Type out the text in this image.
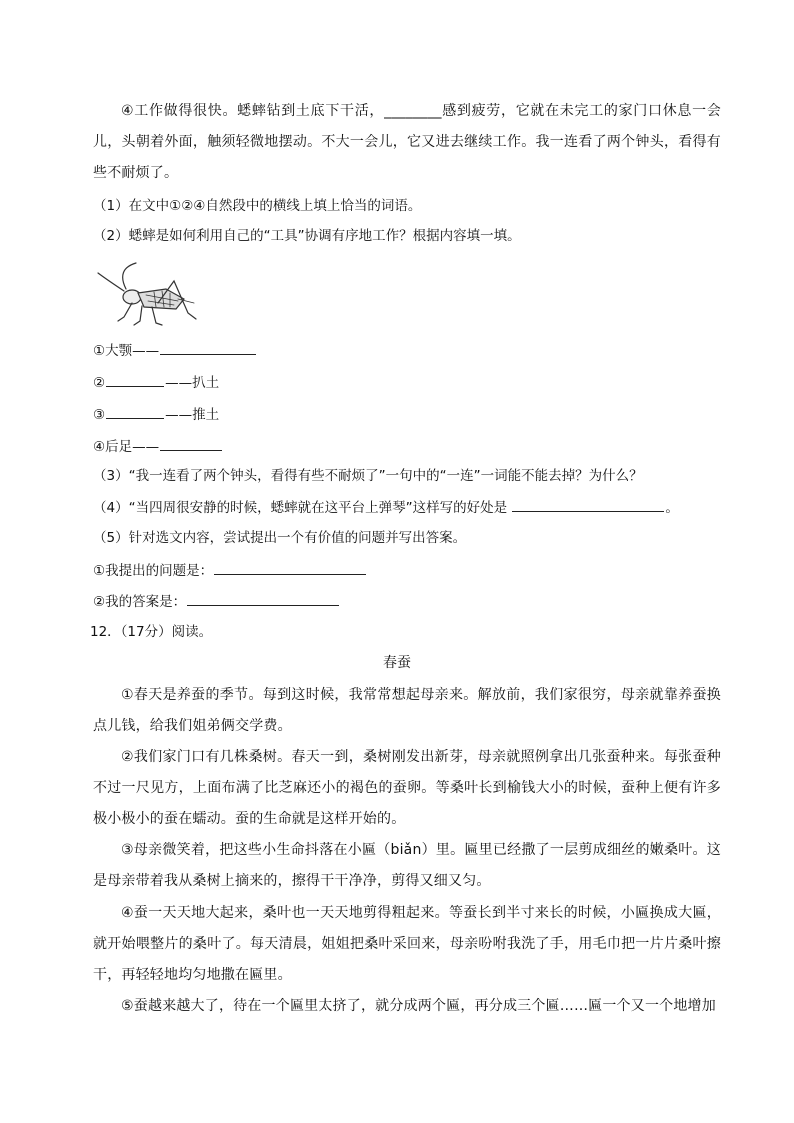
④工作做得很快。蟋蟀钻到土底下干活，________感到疲劳，它就在未完工的家门口休息一会儿，头朝着外面，触须轻微地摆动。不大一会儿，它又进去继续工作。我一连看了两个钟头，看得有些不耐烦了。
（1）在文中①②④自然段中的横线上填上恰当的词语。
（2）蟋蟀是如何利用自己的“工具”协调有序地工作？根据内容填一填。
①大颚——
②	——扒土
③	——推土
④后足——
（3）“我一连看了两个钟头，看得有些不耐烦了”一句中的“一连”一词能不能去掉？为什么？
（4）“当四周很安静的时候，蟋蟀就在这平台上弹琴”这样写的好处是	。
（5）针对选文内容，尝试提出一个有价值的问题并写出答案。
①我提出的问题是：
②我的答案是：
12．（17分）阅读。
春蚕
①春天是养蚕的季节。每到这时候，我常常想起母亲来。解放前，我们家很穷，母亲就靠养蚕换点儿钱，给我们姐弟俩交学费。
②我们家门口有几株桑树。春天一到，桑树刚发出新芽，母亲就照例拿出几张蚕种来。每张蚕种不过一尺见方，上面布满了比芝麻还小的褐色的蚕卵。等桑叶长到榆钱大小的时候，蚕种上便有许多极小极小的蚕在蠕动。蚕的生命就是这样开始的。
③母亲微笑着，把这些小生命抖落在小匾（biǎn）里。匾里已经撒了一层剪成细丝的嫩桑叶。这是母亲带着我从桑树上摘来的，擦得干干净净，剪得又细又匀。
④蚕一天天地大起来，桑叶也一天天地剪得粗起来。等蚕长到半寸来长的时候，小匾换成大匾，就开始喂整片的桑叶了。每天清晨，姐姐把桑叶采回来，母亲吩咐我洗了手，用毛巾把一片片桑叶擦干，再轻轻地均匀地撒在匾里。
⑤蚕越来越大了，待在一个匾里太挤了，就分成两个匾，再分成三个匾……匾一个又一个地增加
